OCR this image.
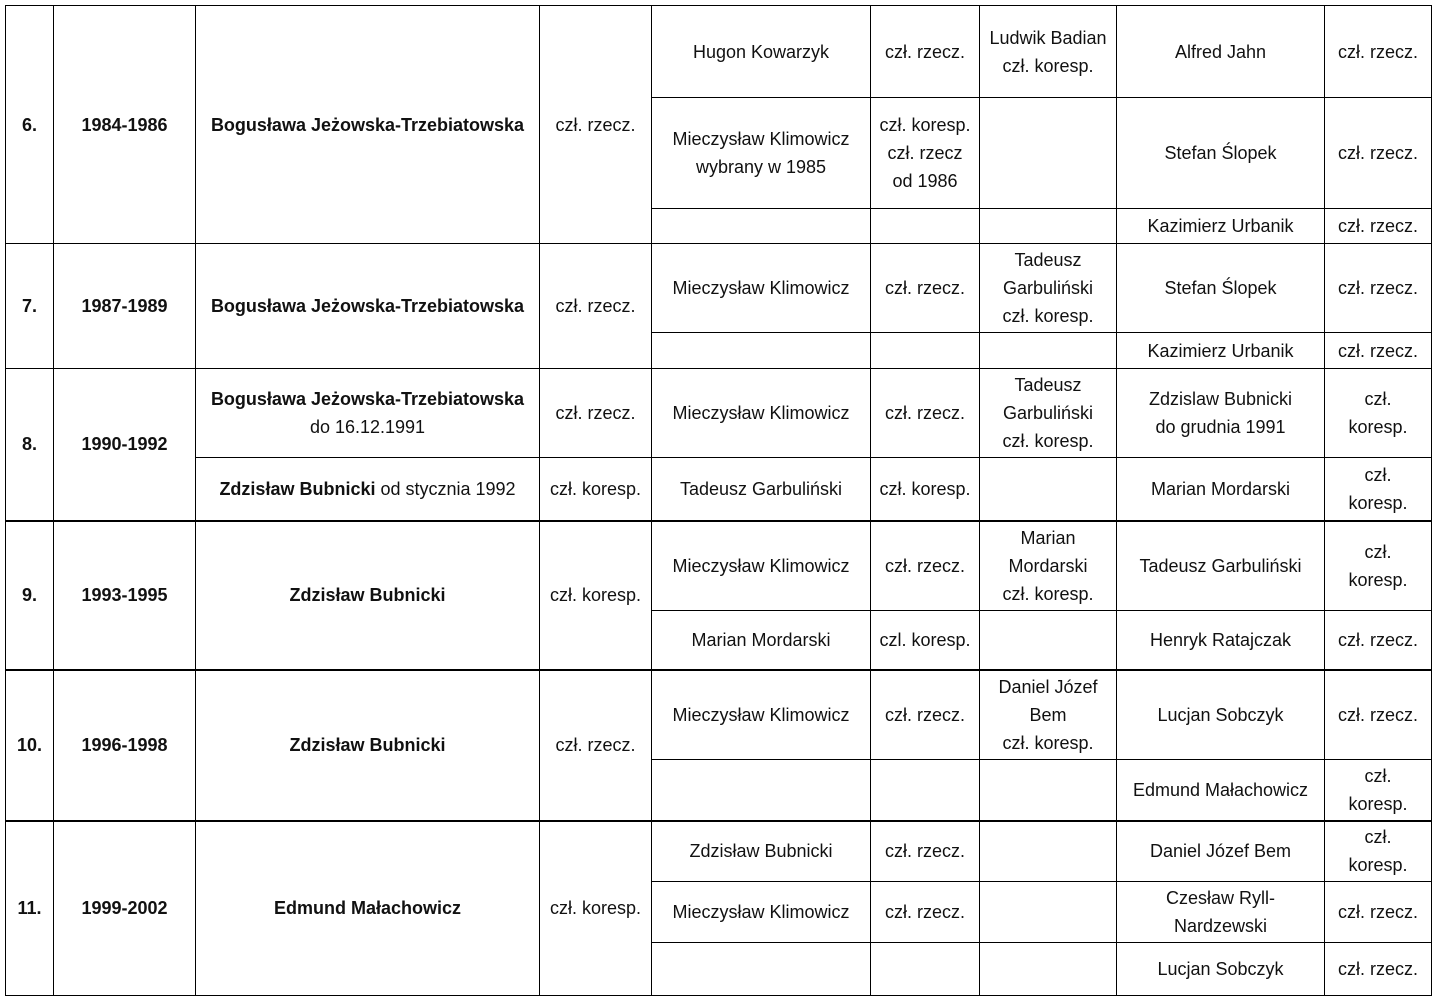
6.	1984-1986	Bogusława Jeżowska-Trzebiatowska	czł. rzecz.	Hugon Kowarzyk	czł. rzecz.	Ludwik Badian
czł. koresp.	Alfred Jahn	czł. rzecz.
				Mieczysław Klimowicz
wybrany w 1985	czł. koresp.
czł. rzecz
od 1986		Stefan Ślopek	czł. rzecz.
							Kazimierz Urbanik	czł. rzecz.
7.	1987-1989	Bogusława Jeżowska-Trzebiatowska	czł. rzecz.	Mieczysław Klimowicz	czł. rzecz.	Tadeusz
Garbuliński
czł. koresp.	Stefan Ślopek	czł. rzecz.
							Kazimierz Urbanik	czł. rzecz.
8.	1990-1992	Bogusława Jeżowska-Trzebiatowska
do 16.12.1991	czł. rzecz.	Mieczysław Klimowicz	czł. rzecz.	Tadeusz
Garbuliński
czł. koresp.	Zdzislaw Bubnicki
do grudnia 1991	czł.
koresp.
		Zdzisław Bubnicki od stycznia 1992	czł. koresp.	Tadeusz Garbuliński	czł. koresp.		Marian Mordarski	czł.
koresp.
9.	1993-1995	Zdzisław Bubnicki	czł. koresp.	Mieczysław Klimowicz	czł. rzecz.	Marian
Mordarski
czł. koresp.	Tadeusz Garbuliński	czł.
koresp.
				Marian Mordarski	czl. koresp.		Henryk Ratajczak	czł. rzecz.
10.	1996-1998	Zdzisław Bubnicki	czł. rzecz.	Mieczysław Klimowicz	czł. rzecz.	Daniel Józef
Bem
czł. koresp.	Lucjan Sobczyk	czł. rzecz.
							Edmund Małachowicz	czł.
koresp.
11.	1999-2002	Edmund Małachowicz	czł. koresp.	Zdzisław Bubnicki	czł. rzecz.		Daniel Józef Bem	czł.
koresp.
				Mieczysław Klimowicz	czł. rzecz.		Czesław Ryll-
Nardzewski	czł. rzecz.
							Lucjan Sobczyk	czł. rzecz.
